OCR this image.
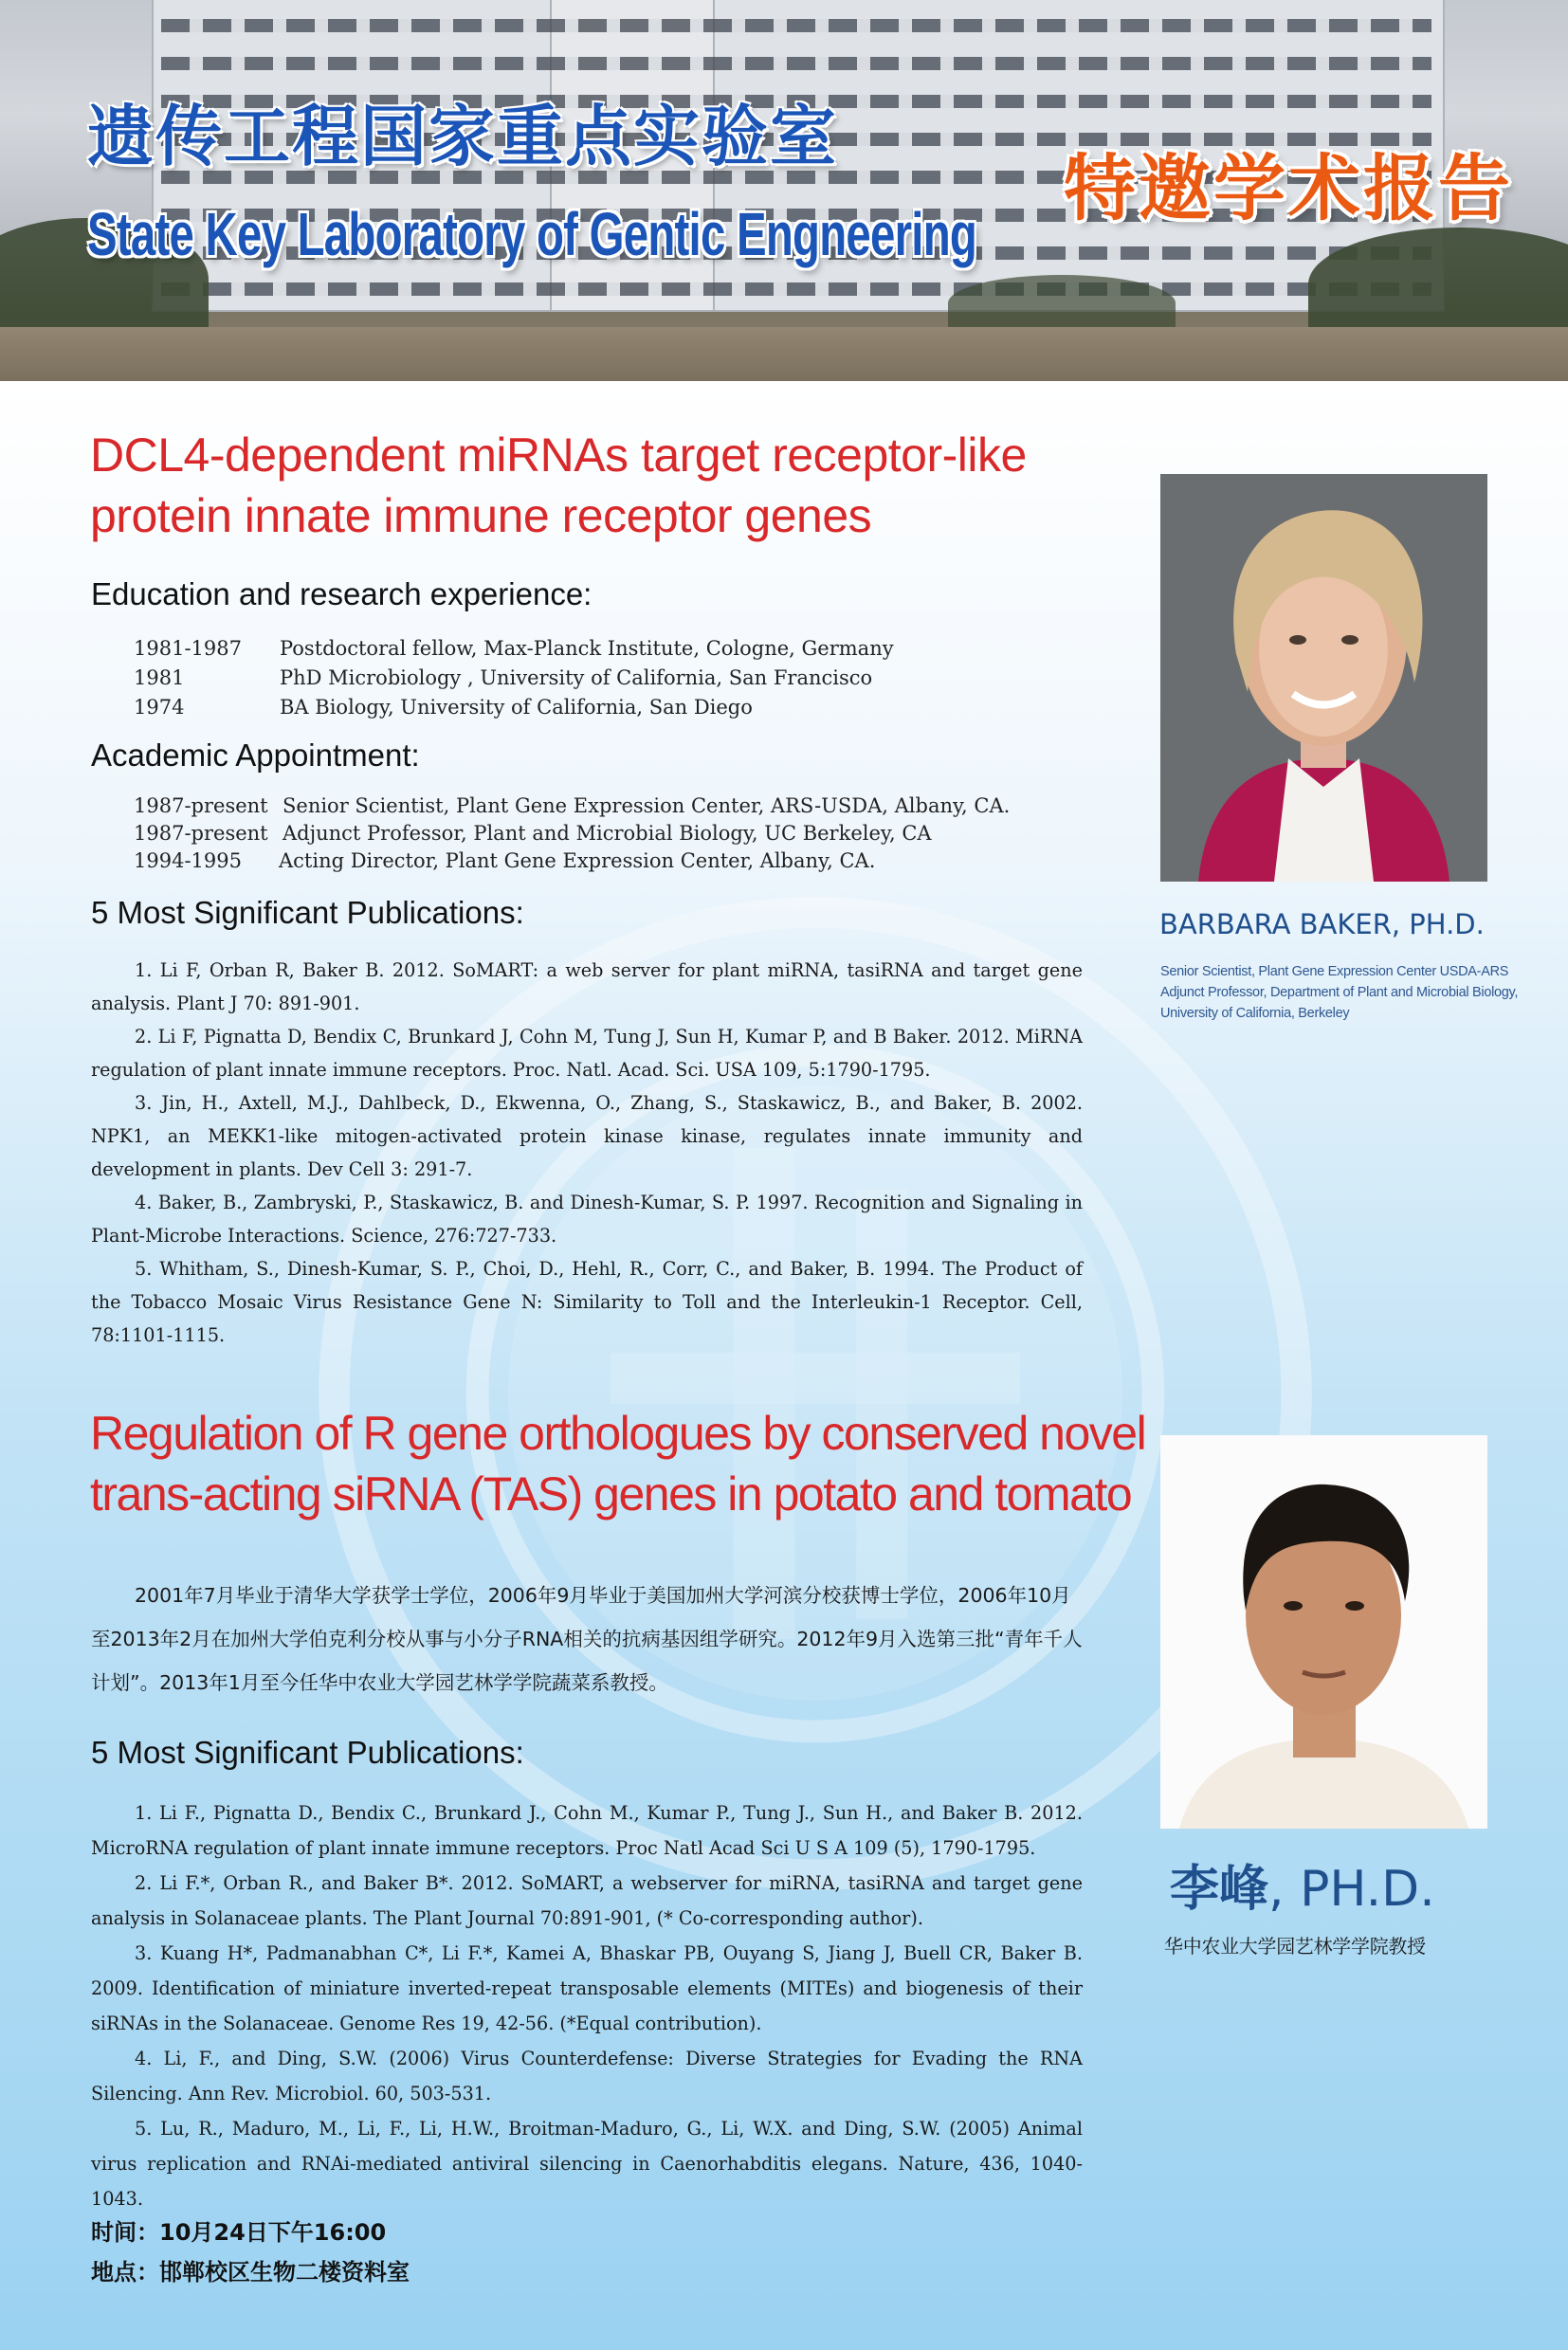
遗传工程国家重点实验室
State Key Laboratory of Gentic Engneering
特邀学术报告
DCL4-dependent miRNAs target receptor-like
protein innate immune receptor genes
Education and research experience:
1981-1987 Postdoctoral fellow, Max-Planck Institute, Cologne, Germany
1981	PhD Microbiology , University of California, San Francisco
1974	BA Biology, University of California, San Diego
Academic Appointment:
1987-present Senior Scientist, Plant Gene Expression Center, ARS-USDA, Albany, CA.
1987-present Adjunct Professor, Plant and Microbial Biology, UC Berkeley, CA
1994-1995 Acting Director, Plant Gene Expression Center, Albany, CA.
5 Most Significant Publications:
1. Li F, Orban R, Baker B. 2012. SoMART: a web server for plant miRNA, tasiRNA and target gene analysis. Plant J 70: 891-901.
2. Li F, Pignatta D, Bendix C, Brunkard J, Cohn M, Tung J, Sun H, Kumar P, and B Baker. 2012. MiRNA regulation of plant innate immune receptors. Proc. Natl. Acad. Sci. USA 109, 5:1790-1795.
3. Jin, H., Axtell, M.J., Dahlbeck, D., Ekwenna, O., Zhang, S., Staskawicz, B., and Baker, B. 2002. NPK1, an MEKK1-like mitogen-activated protein kinase kinase, regulates innate immunity and development in plants. Dev Cell 3: 291-7.
4. Baker, B., Zambryski, P., Staskawicz, B. and Dinesh-Kumar, S. P. 1997. Recognition and Signaling in Plant-Microbe Interactions. Science, 276:727-733.
5. Whitham, S., Dinesh-Kumar, S. P., Choi, D., Hehl, R., Corr, C., and Baker, B. 1994. The Product of the Tobacco Mosaic Virus Resistance Gene N: Similarity to Toll and the Interleukin-1 Receptor. Cell, 78:1101-1115.
BARBARA BAKER, PH.D.

Senior Scientist, Plant Gene Expression Center USDA-ARS
Adjunct Professor, Department of Plant and Microbial Biology,
University of California, Berkeley

Regulation of R gene orthologues by conserved novel
trans-acting siRNA (TAS) genes in potato and tomato

2001年7月毕业于清华大学获学士学位，2006年9月毕业于美国加州大学河滨分校获博士学位，2006年10月至2013年2月在加州大学伯克利分校从事与小分子RNA相关的抗病基因组学研究。2012年9月入选第三批“青年千人计划”。2013年1月至今任华中农业大学园艺林学学院蔬菜系教授。

5 Most Significant Publications:
1. Li F., Pignatta D., Bendix C., Brunkard J., Cohn M., Kumar P., Tung J., Sun H., and Baker B. 2012. MicroRNA regulation of plant innate immune receptors. Proc Natl Acad Sci U S A 109 (5), 1790-1795.
2. Li F.*, Orban R., and Baker B*. 2012. SoMART, a webserver for miRNA, tasiRNA and target gene analysis in Solanaceae plants. The Plant Journal 70:891-901, (* Co-corresponding author).
3. Kuang H*, Padmanabhan C*, Li F.*, Kamei A, Bhaskar PB, Ouyang S, Jiang J, Buell CR, Baker B. 2009. Identification of miniature inverted-repeat transposable elements (MITEs) and biogenesis of their siRNAs in the Solanaceae. Genome Res 19, 42-56. (*Equal contribution).
4. Li, F., and Ding, S.W. (2006) Virus Counterdefense: Diverse Strategies for Evading the RNA Silencing. Ann Rev. Microbiol. 60, 503-531.
5. Lu, R., Maduro, M., Li, F., Li, H.W., Broitman-Maduro, G., Li, W.X. and Ding, S.W. (2005) Animal virus replication and RNAi-mediated antiviral silencing in Caenorhabditis elegans. Nature, 436, 1040-1043.
李峰, PH.D.

华中农业大学园艺林学学院教授

时间：10月24日下午16:00

地点：邯郸校区生物二楼资料室
